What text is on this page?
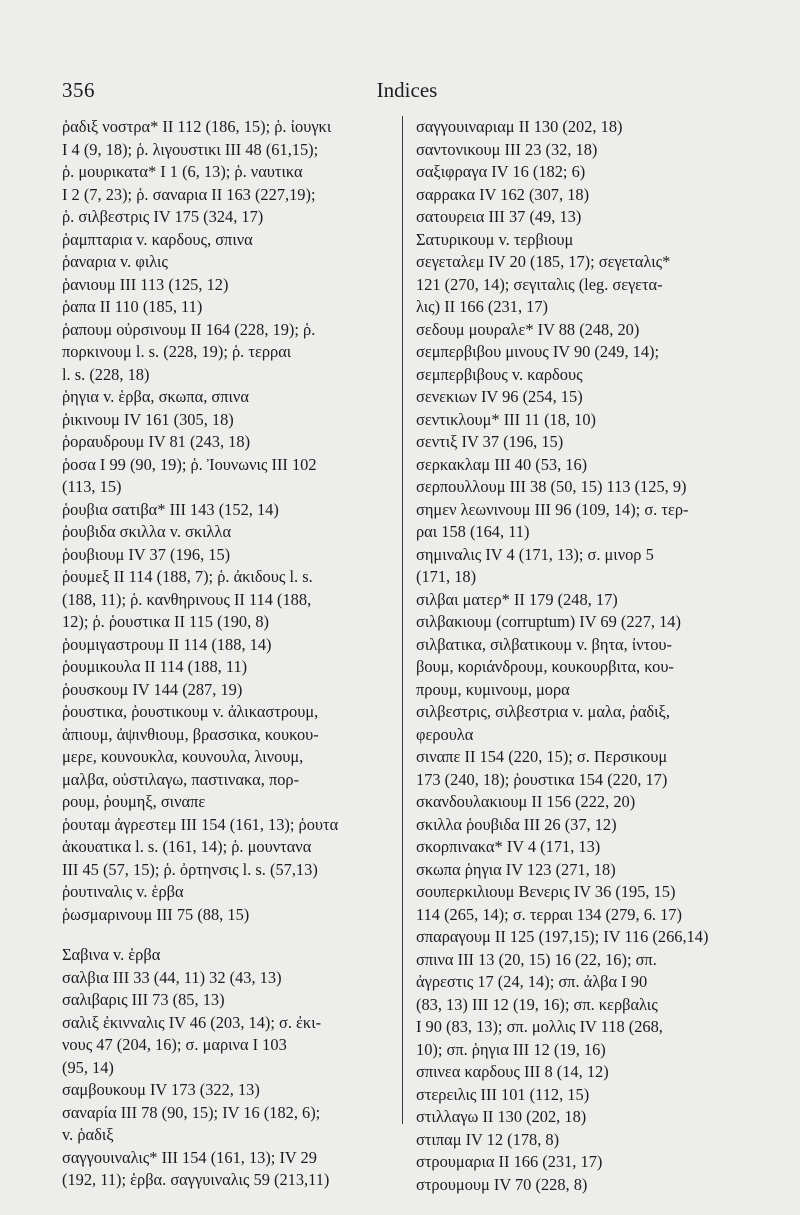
356	Indices
ῥαδιξ νοστρα* II 112 (186, 15); ῥ. ἰουγκι
I 4 (9, 18); ῥ. λιγουστικι III 48 (61,15);
ῥ. μουρικατα* I 1 (6, 13); ῥ. ναυτικα
I 2 (7, 23); ῥ. σαναρια II 163 (227,19);
ῥ. σιλβεστρις IV 175 (324, 17)
ῥαμπταρια v. καρδους, σπινα
ῥαναρια v. φιλις
ῥανιουμ III 113 (125, 12)
ῥαπα II 110 (185, 11)
ῥαπουμ οὐρσινουμ II 164 (228, 19); ῥ.
πορκινουμ l. s. (228, 19); ῥ. τερραι
l. s. (228, 18)
ῥηγια v. ἑρβα, σκωπα, σπινα
ῥικινουμ IV 161 (305, 18)
ῥοραυδρουμ IV 81 (243, 18)
ῥοσα I 99 (90, 19); ῥ. Ἰουνωνις III 102
(113, 15)
ῥουβια σατιβα* III 143 (152, 14)
ῥουβιδα σκιλλα v. σκιλλα
ῥουβιουμ IV 37 (196, 15)
ῥουμεξ II 114 (188, 7); ῥ. ἀκιδους l. s.
(188, 11); ῥ. κανθηρινους II 114 (188,
12); ῥ. ῥουστικα II 115 (190, 8)
ῥουμιγαστρουμ II 114 (188, 14)
ῥουμικουλα II 114 (188, 11)
ῥουσκουμ IV 144 (287, 19)
ῥουστικα, ῥουστικουμ v. ἀλικαστρουμ,
ἀπιουμ, ἀψινθιουμ, βρασσικα, κουκου-
μερε, κουνουκλα, κουνουλα, λινουμ,
μαλβα, οὐστιλαγω, παστινακα, πορ-
ρουμ, ῥουμηξ, σιναπε
ῥουταμ ἀγρεστεμ III 154 (161, 13); ῥουτα
ἀκουατικα l. s. (161, 14); ῥ. μουντανα
III 45 (57, 15); ῥ. ὀρτηνσις l. s. (57,13)
ῥουτιναλις v. ἑρβα
ῥωσμαρινουμ III 75 (88, 15)
Σαβινα v. ἑρβα
σαλβια III 33 (44, 11) 32 (43, 13)
σαλιβαρις III 73 (85, 13)
σαλιξ ἐκινναλις IV 46 (203, 14); σ. ἐκι-
νους 47 (204, 16); σ. μαρινα I 103
(95, 14)
σαμβουκουμ IV 173 (322, 13)
σαναρία III 78 (90, 15); IV 16 (182, 6);
v. ῥαδιξ
σαγγουιναλις* III 154 (161, 13); IV 29
(192, 11); ἑρβα. σαγγυιναλις 59 (213,11)
σαγγουιναριαμ II 130 (202, 18)
σαντονικουμ III 23 (32, 18)
σαξιφραγα IV 16 (182; 6)
σαρρακα IV 162 (307, 18)
σατουρεια III 37 (49, 13)
Σατυρικουμ v. τερβιουμ
σεγεταλεμ IV 20 (185, 17); σεγεταλις*
121 (270, 14); σεγιταλις (leg. σεγετα-
λις) II 166 (231, 17)
σεδουμ μουραλε* IV 88 (248, 20)
σεμπερβιβου μινους IV 90 (249, 14);
σεμπερβιβους v. καρδους
σενεκιων IV 96 (254, 15)
σεντικλουμ* III 11 (18, 10)
σεντιξ IV 37 (196, 15)
σερκακλαμ III 40 (53, 16)
σερπουλλουμ III 38 (50, 15) 113 (125, 9)
σημεν λεωνινουμ III 96 (109, 14); σ. τερ-
ραι 158 (164, 11)
σημιναλις IV 4 (171, 13); σ. μινορ 5
(171, 18)
σιλβαι ματερ* II 179 (248, 17)
σιλβακιουμ (corruptum) IV 69 (227, 14)
σιλβατικα, σιλβατικουμ v. βητα, ἰντου-
βουμ, κοριάνδρουμ, κουκουρβιτα, κου-
προυμ, κυμινουμ, μορα
σιλβεστρις, σιλβεστρια v. μαλα, ῥαδιξ,
φερουλα
σιναπε II 154 (220, 15); σ. Περσικουμ
173 (240, 18); ῥουστικα 154 (220, 17)
σκανδουλακιουμ II 156 (222, 20)
σκιλλα ῥουβιδα III 26 (37, 12)
σκορπινακα* IV 4 (171, 13)
σκωπα ῥηγια IV 123 (271, 18)
σουπερκιλιουμ Βενερις IV 36 (195, 15)
114 (265, 14); σ. τερραι 134 (279, 6. 17)
σπαραγουμ II 125 (197,15); IV 116 (266,14)
σπινα III 13 (20, 15) 16 (22, 16); σπ.
ἀγρεστις 17 (24, 14); σπ. ἀλβα I 90
(83, 13) III 12 (19, 16); σπ. κερβαλις
I 90 (83, 13); σπ. μολλις IV 118 (268,
10); σπ. ῥηγια III 12 (19, 16)
σπινεα καρδους III 8 (14, 12)
στερειλις III 101 (112, 15)
στιλλαγω II 130 (202, 18)
στιπαμ IV 12 (178, 8)
στρουμαρια II 166 (231, 17)
στρουμουμ IV 70 (228, 8)
